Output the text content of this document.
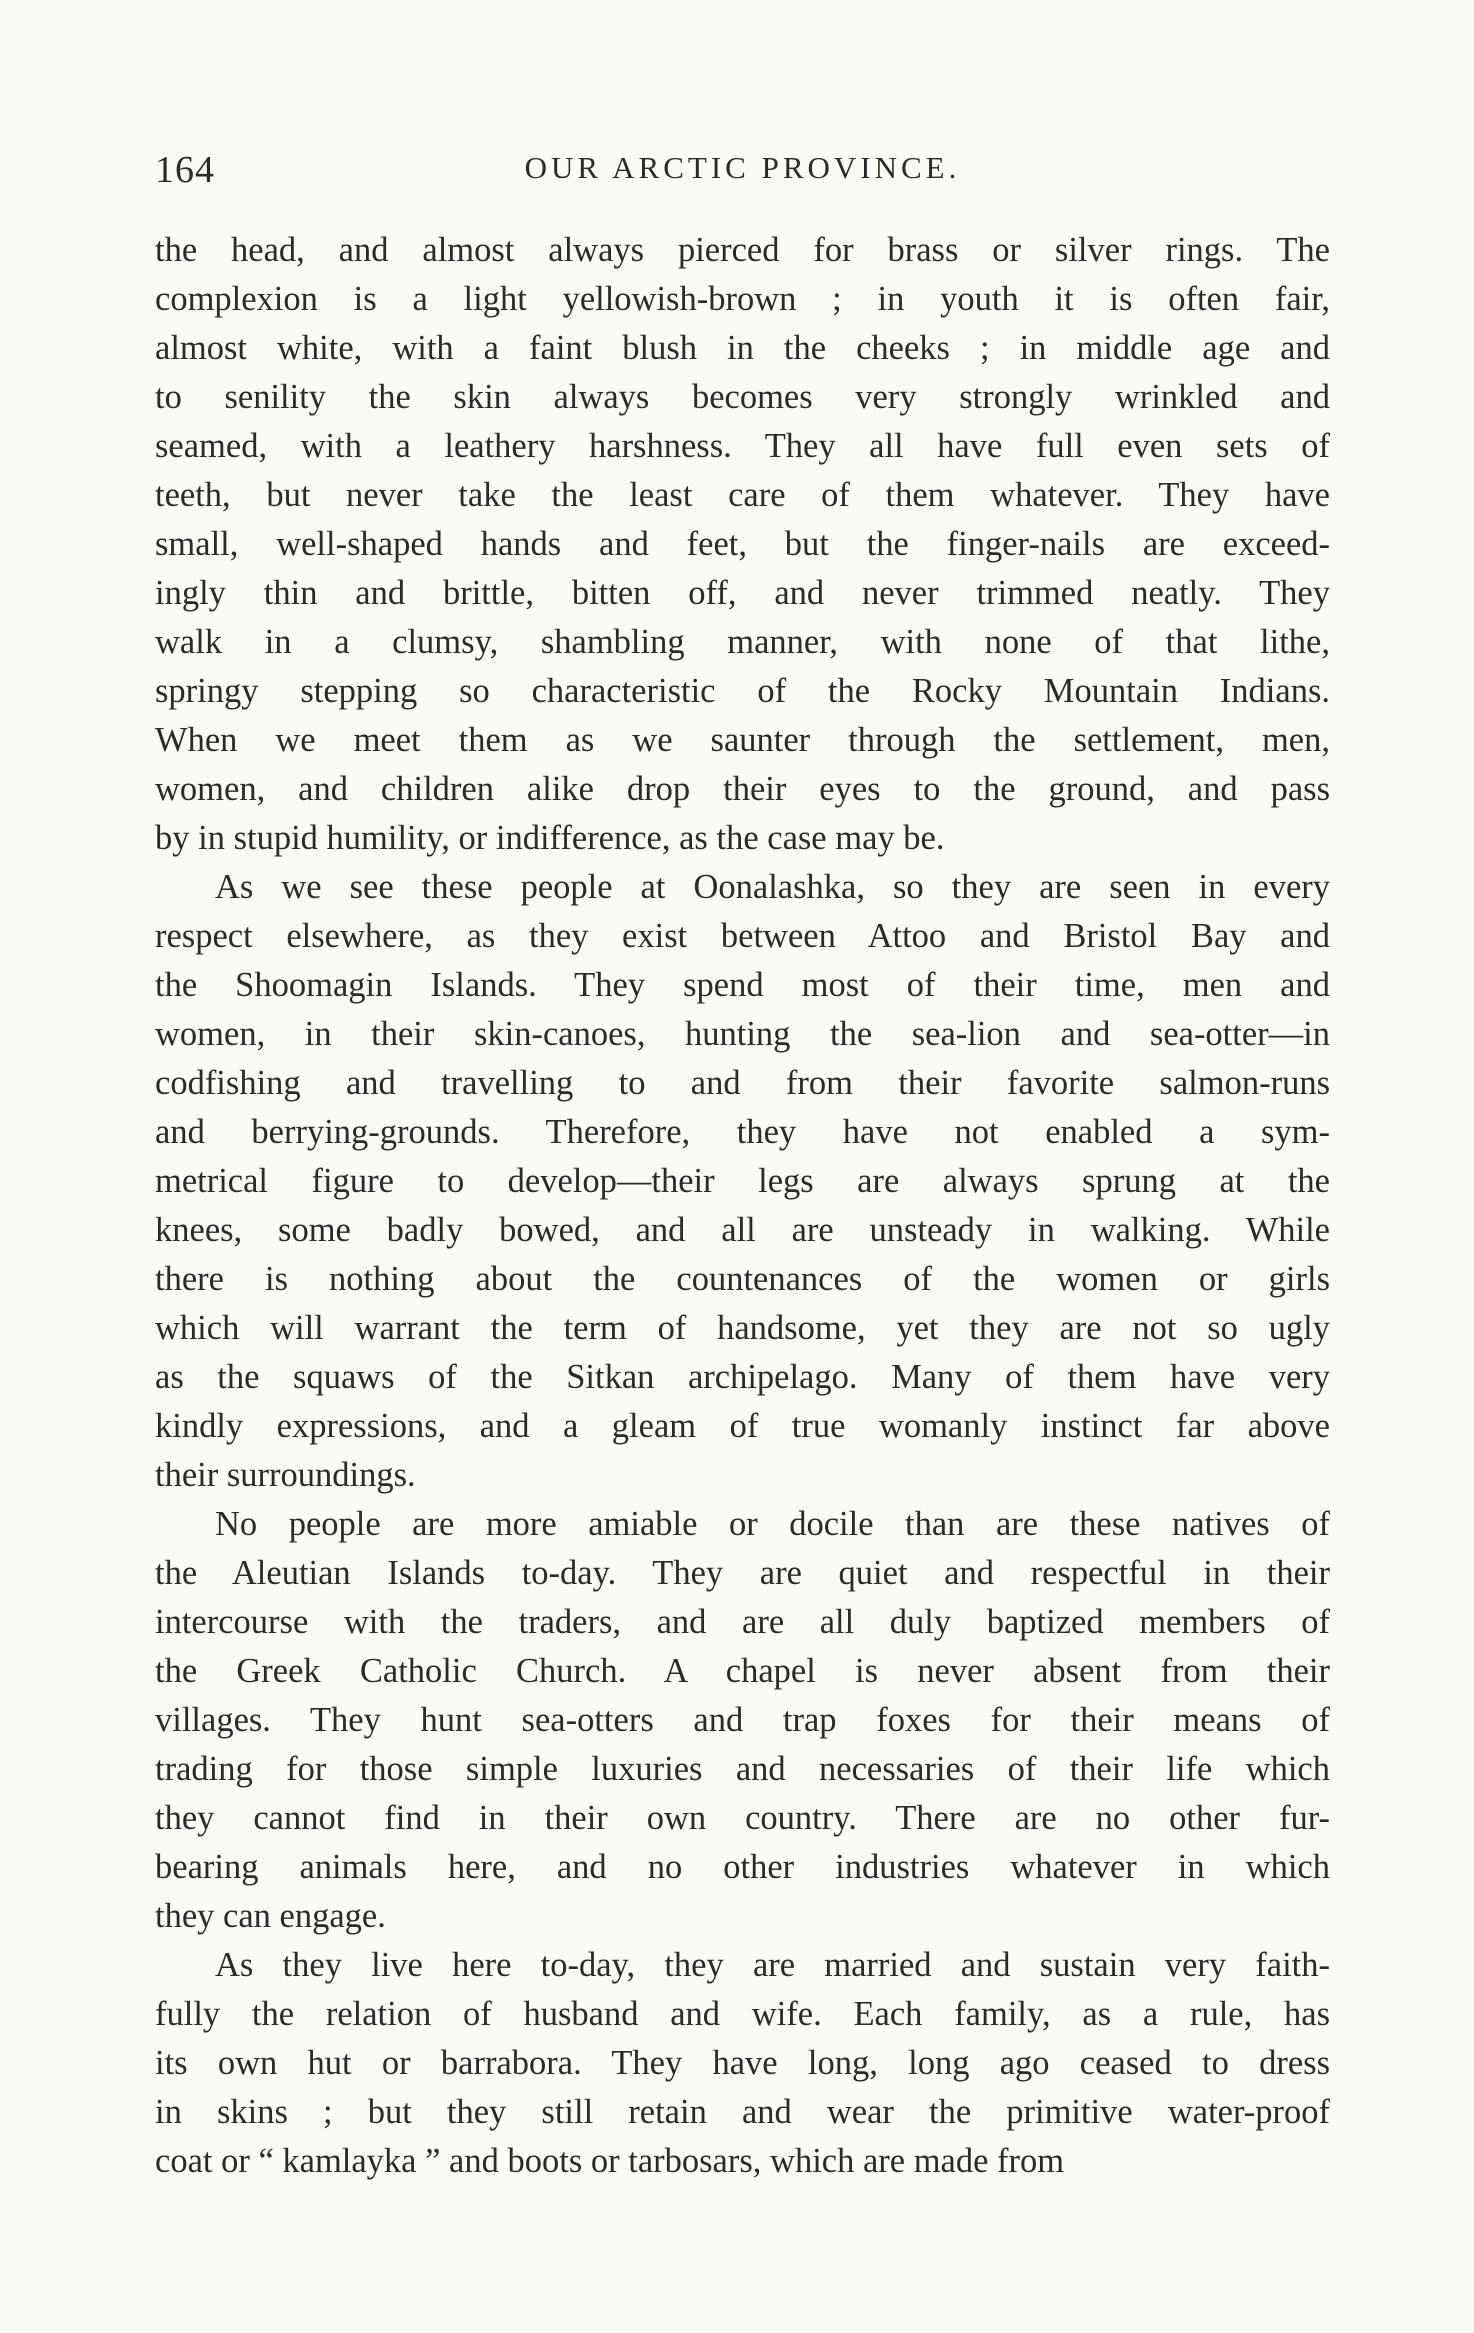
164	OUR ARCTIC PROVINCE.
the head, and almost always pierced for brass or silver rings. The
complexion is a light yellowish-brown ; in youth it is often fair,
almost white, with a faint blush in the cheeks ; in middle age and
to senility the skin always becomes very strongly wrinkled and
seamed, with a leathery harshness. They all have full even sets of
teeth, but never take the least care of them whatever. They have
small, well-shaped hands and feet, but the finger-nails are exceed-
ingly thin and brittle, bitten off, and never trimmed neatly. They
walk in a clumsy, shambling manner, with none of that lithe,
springy stepping so characteristic of the Rocky Mountain Indians.
When we meet them as we saunter through the settlement, men,
women, and children alike drop their eyes to the ground, and pass
by in stupid humility, or indifference, as the case may be.
As we see these people at Oonalashka, so they are seen in every
respect elsewhere, as they exist between Attoo and Bristol Bay and
the Shoomagin Islands. They spend most of their time, men and
women, in their skin-canoes, hunting the sea-lion and sea-otter—in
codfishing and travelling to and from their favorite salmon-runs
and berrying-grounds. Therefore, they have not enabled a sym-
metrical figure to develop—their legs are always sprung at the
knees, some badly bowed, and all are unsteady in walking. While
there is nothing about the countenances of the women or girls
which will warrant the term of handsome, yet they are not so ugly
as the squaws of the Sitkan archipelago. Many of them have very
kindly expressions, and a gleam of true womanly instinct far above
their surroundings.
No people are more amiable or docile than are these natives of
the Aleutian Islands to-day. They are quiet and respectful in their
intercourse with the traders, and are all duly baptized members of
the Greek Catholic Church. A chapel is never absent from their
villages. They hunt sea-otters and trap foxes for their means of
trading for those simple luxuries and necessaries of their life which
they cannot find in their own country. There are no other fur-
bearing animals here, and no other industries whatever in which
they can engage.
As they live here to-day, they are married and sustain very faith-
fully the relation of husband and wife. Each family, as a rule, has
its own hut or barrabora. They have long, long ago ceased to dress
in skins ; but they still retain and wear the primitive water-proof
coat or “ kamlayka ” and boots or tarbosars, which are made from
